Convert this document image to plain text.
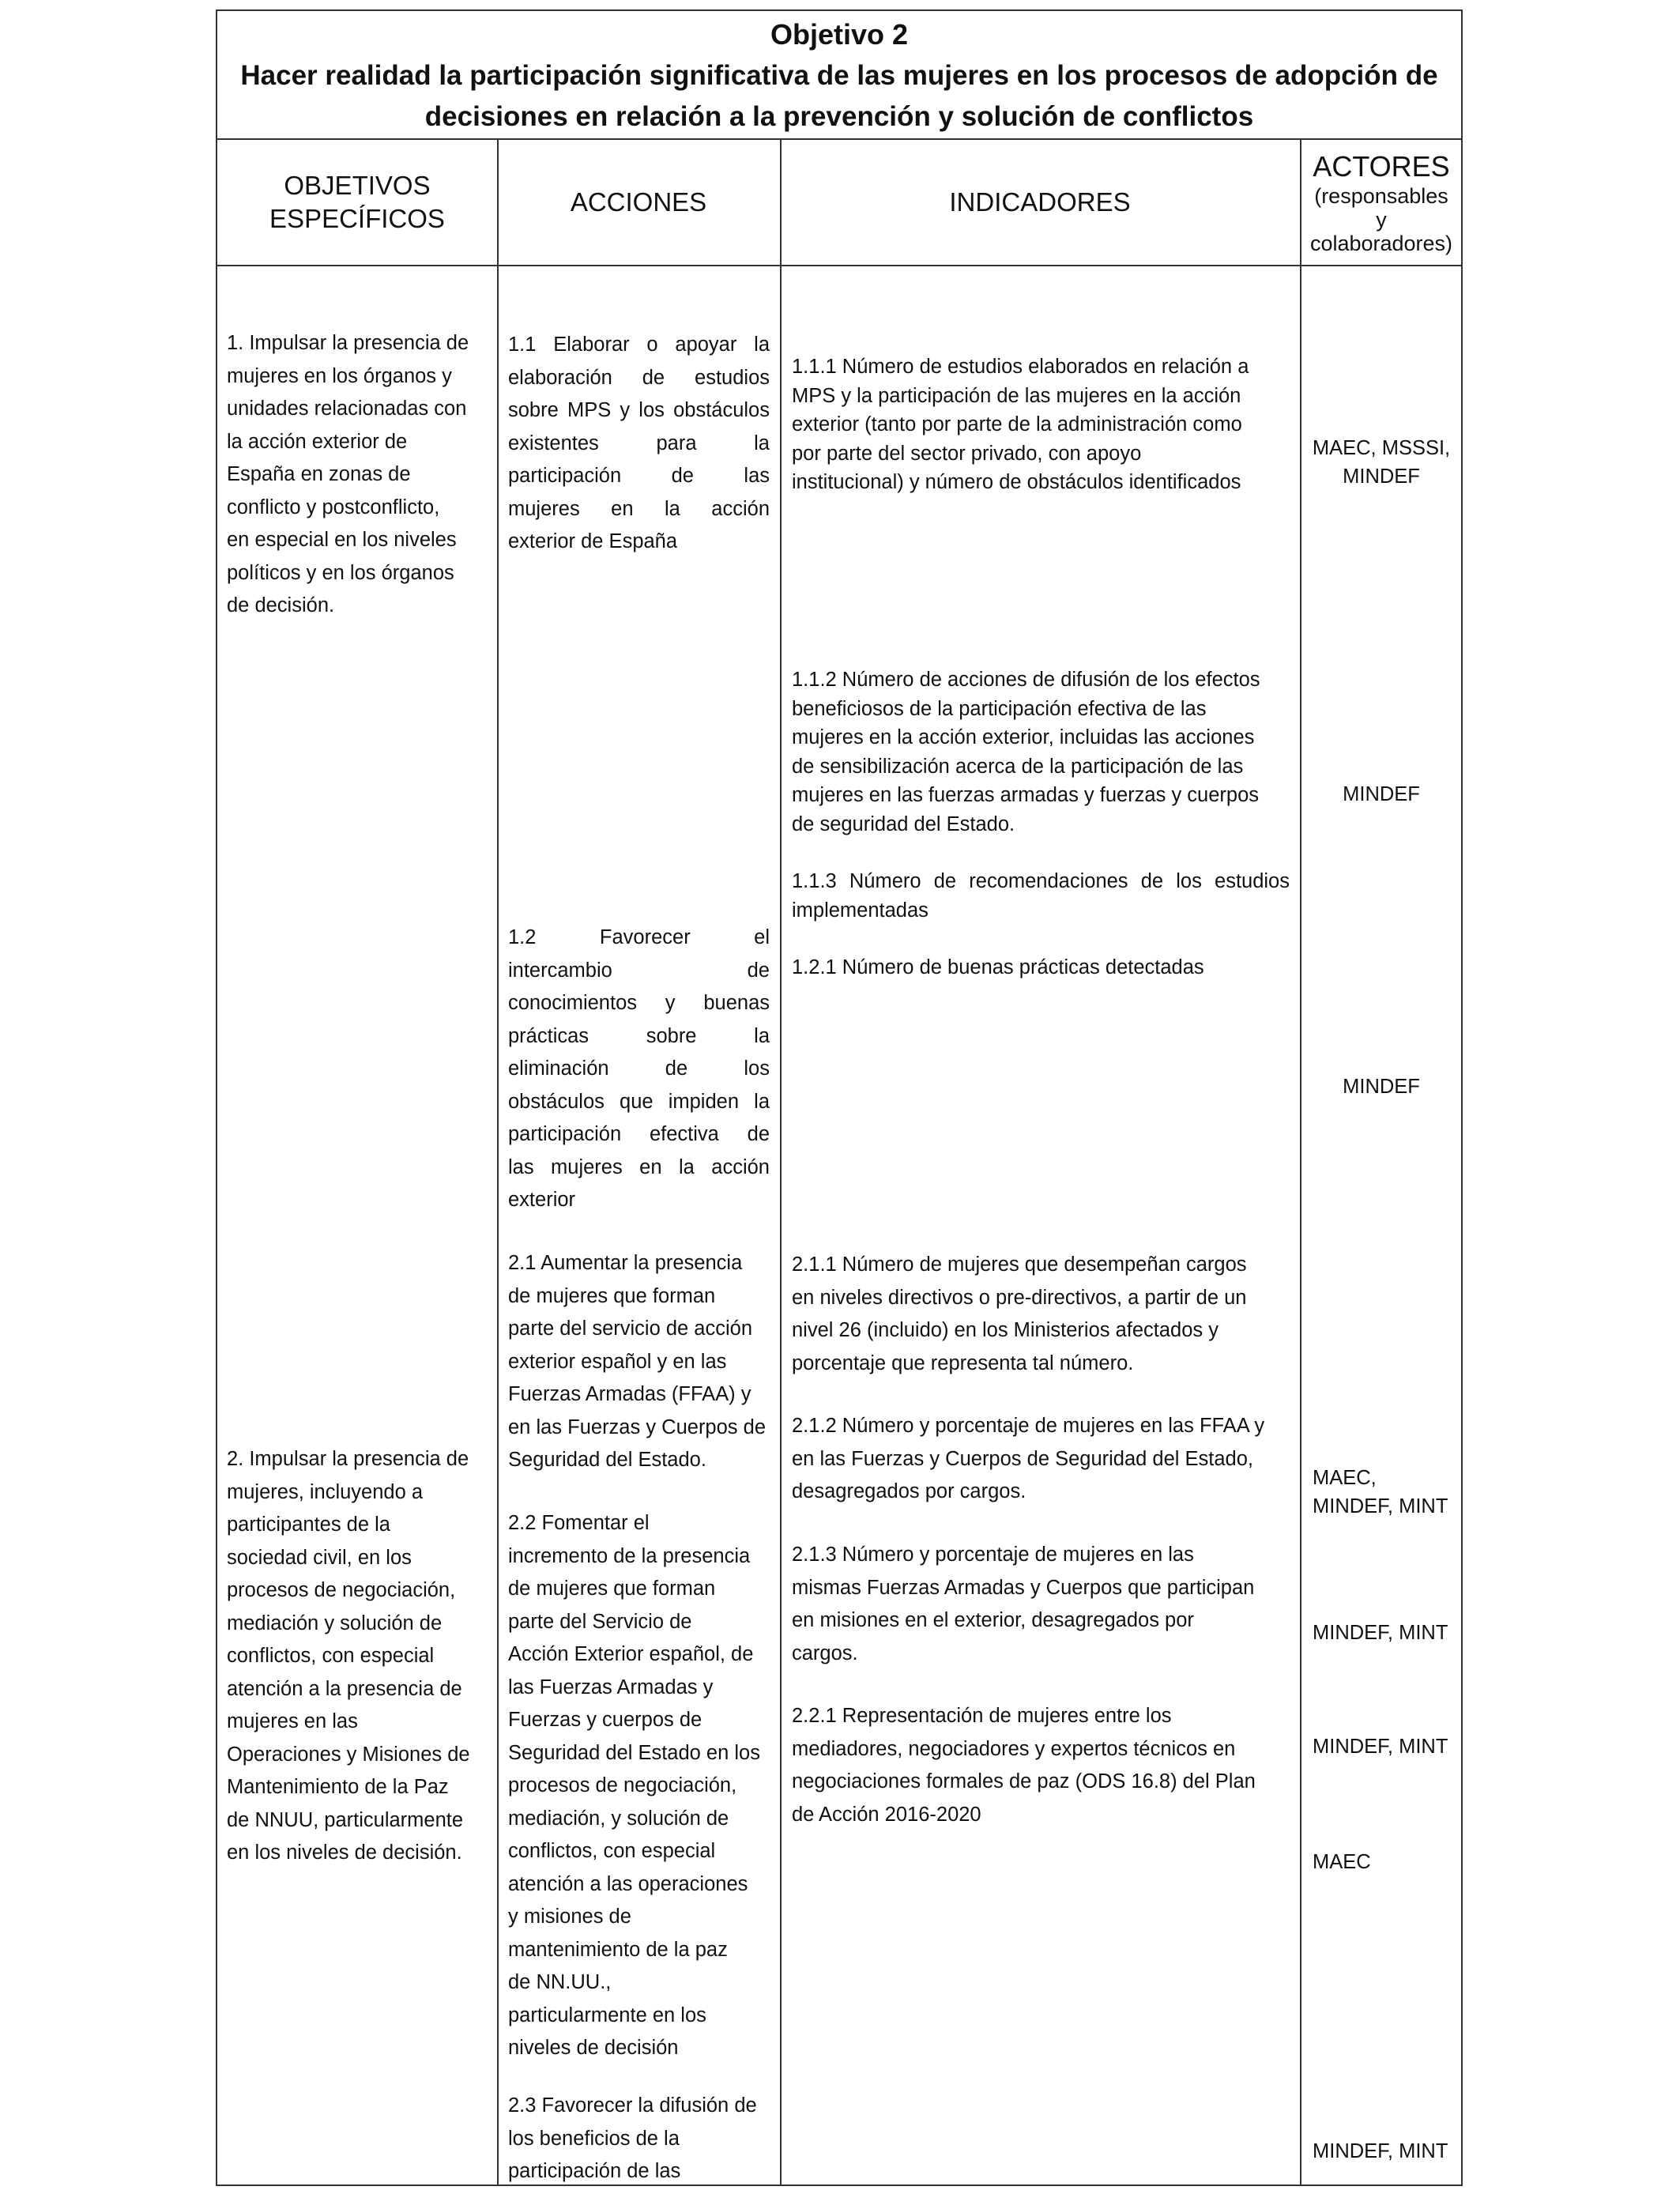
Objetivo 2
Hacer realidad la participación significativa de las mujeres en los procesos de adopción de
decisiones en relación a la prevención y solución de conflictos
OBJETIVOS
ESPECÍFICOS
ACCIONES	INDICADORES
ACTORES
(responsables
y
colaboradores)
1. Impulsar la presencia de
mujeres en los órganos y
unidades relacionadas con
la acción exterior de
España en zonas de
conflicto y postconflicto,
en especial en los niveles
políticos y en los órganos
de decisión.
2. Impulsar la presencia de
mujeres, incluyendo a
participantes de la
sociedad civil, en los
procesos de negociación,
mediación y solución de
conflictos, con especial
atención a la presencia de
mujeres en las
Operaciones y Misiones de
Mantenimiento de la Paz
de NNUU, particularmente
en los niveles de decisión.
1.1 Elaborar o apoyar la
elaboración de estudios
sobre MPS y los obstáculos
existentes para la
participación de las
mujeres en la acción
exterior de España
1.2 Favorecer el
intercambio de
conocimientos y buenas
prácticas sobre la
eliminación de los
obstáculos que impiden la
participación efectiva de
las mujeres en la acción
exterior
2.1 Aumentar la presencia
de mujeres que forman
parte del servicio de acción
exterior español y en las
Fuerzas Armadas (FFAA) y
en las Fuerzas y Cuerpos de
Seguridad del Estado.
2.2 Fomentar el
incremento de la presencia
de mujeres que forman
parte del Servicio de
Acción Exterior español, de
las Fuerzas Armadas y
Fuerzas y cuerpos de
Seguridad del Estado en los
procesos de negociación,
mediación, y solución de
conflictos, con especial
atención a las operaciones
y misiones de
mantenimiento de la paz
de NN.UU.,
particularmente en los
niveles de decisión
2.3 Favorecer la difusión de
los beneficios de la
participación de las
1.1.1 Número de estudios elaborados en relación a
MPS y la participación de las mujeres en la acción
exterior (tanto por parte de la administración como
por parte del sector privado, con apoyo
institucional) y número de obstáculos identificados
1.1.2 Número de acciones de difusión de los efectos
beneficiosos de la participación efectiva de las
mujeres en la acción exterior, incluidas las acciones
de sensibilización acerca de la participación de las
mujeres en las fuerzas armadas y fuerzas y cuerpos
de seguridad del Estado.
1.1.3 Número de recomendaciones de los estudios
implementadas
1.2.1 Número de buenas prácticas detectadas
2.1.1 Número de mujeres que desempeñan cargos
en niveles directivos o pre-directivos, a partir de un
nivel 26 (incluido) en los Ministerios afectados y
porcentaje que representa tal número.
2.1.2 Número y porcentaje de mujeres en las FFAA y
en las Fuerzas y Cuerpos de Seguridad del Estado,
desagregados por cargos.
2.1.3 Número y porcentaje de mujeres en las
mismas Fuerzas Armadas y Cuerpos que participan
en misiones en el exterior, desagregados por
cargos.
2.2.1 Representación de mujeres entre los
mediadores, negociadores y expertos técnicos en
negociaciones formales de paz (ODS 16.8) del Plan
de Acción 2016-2020
MAEC, MSSSI,
MINDEF
MINDEF
MINDEF
MAEC,
MINDEF, MINT
MINDEF, MINT
MINDEF, MINT
MAEC
MINDEF, MINT
